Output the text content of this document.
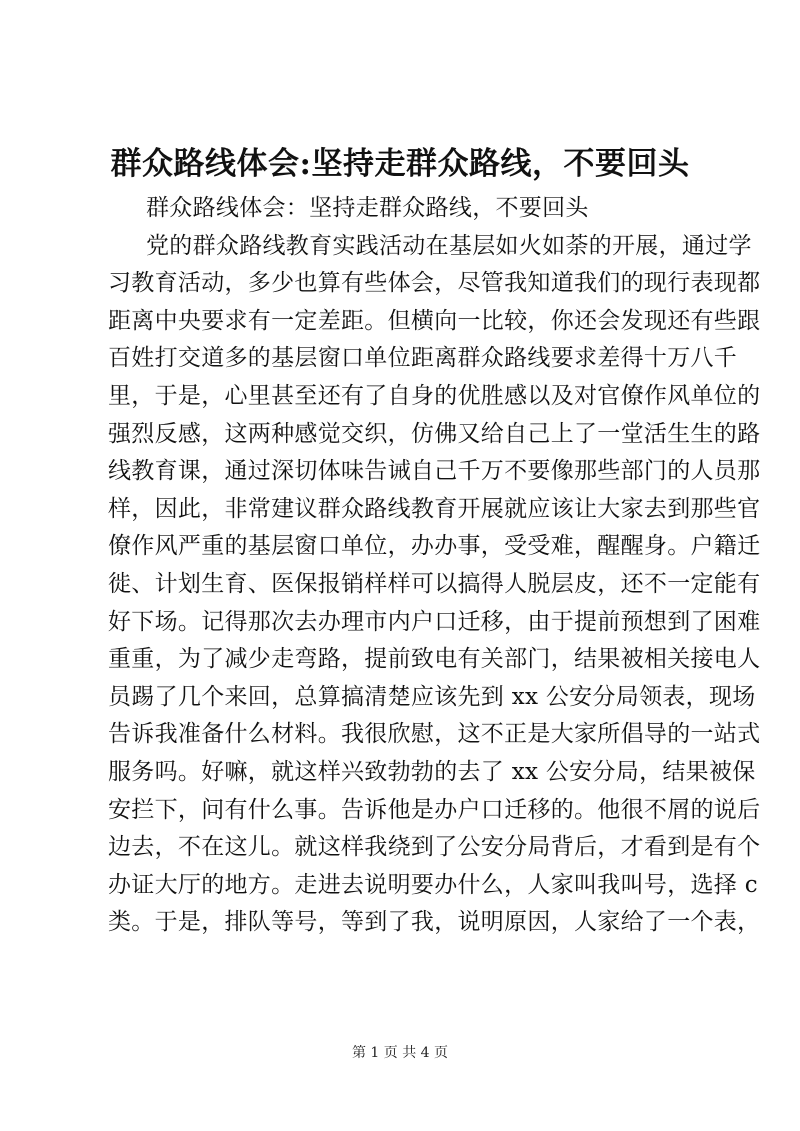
群众路线体会:坚持走群众路线，不要回头
群众路线体会：坚持走群众路线，不要回头
党的群众路线教育实践活动在基层如火如荼的开展，通过学
习教育活动，多少也算有些体会，尽管我知道我们的现行表现都
距离中央要求有一定差距。但横向一比较，你还会发现还有些跟
百姓打交道多的基层窗口单位距离群众路线要求差得十万八千
里，于是，心里甚至还有了自身的优胜感以及对官僚作风单位的
强烈反感，这两种感觉交织，仿佛又给自己上了一堂活生生的路
线教育课，通过深切体味告诫自己千万不要像那些部门的人员那
样，因此，非常建议群众路线教育开展就应该让大家去到那些官
僚作风严重的基层窗口单位，办办事，受受难，醒醒身。户籍迁
徙、计划生育、医保报销样样可以搞得人脱层皮，还不一定能有
好下场。记得那次去办理市内户口迁移，由于提前预想到了困难
重重，为了减少走弯路，提前致电有关部门，结果被相关接电人
员踢了几个来回，总算搞清楚应该先到 xx 公安分局领表，现场
告诉我准备什么材料。我很欣慰，这不正是大家所倡导的一站式
服务吗。好嘛，就这样兴致勃勃的去了 xx 公安分局，结果被保
安拦下，问有什么事。告诉他是办户口迁移的。他很不屑的说后
边去，不在这儿。就这样我绕到了公安分局背后，才看到是有个
办证大厅的地方。走进去说明要办什么，人家叫我叫号，选择 c
类。于是，排队等号，等到了我，说明原因，人家给了一个表，
第 1 页 共 4 页
